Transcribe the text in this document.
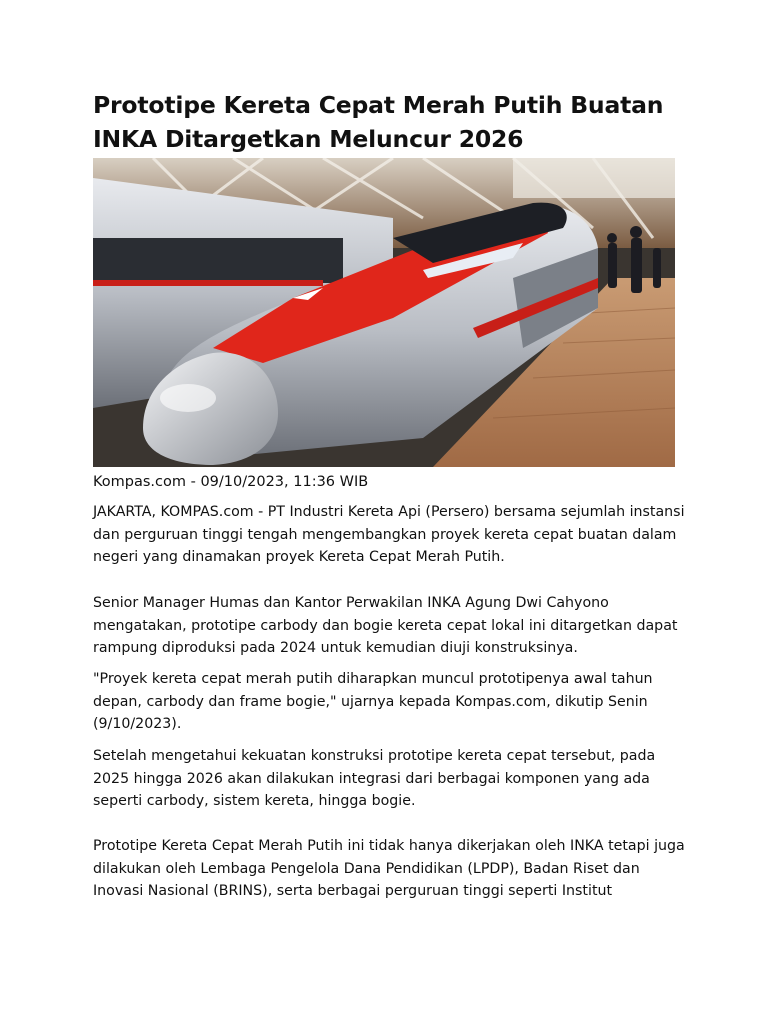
Prototipe Kereta Cepat Merah Putih Buatan INKA Ditargetkan Meluncur 2026

Kompas.com - 09/10/2023, 11:36 WIB

JAKARTA, KOMPAS.com - PT Industri Kereta Api (Persero) bersama sejumlah instansi dan perguruan tinggi tengah mengembangkan proyek kereta cepat buatan dalam negeri yang dinamakan proyek Kereta Cepat Merah Putih.

Senior Manager Humas dan Kantor Perwakilan INKA Agung Dwi Cahyono mengatakan, prototipe carbody dan bogie kereta cepat lokal ini ditargetkan dapat rampung diproduksi pada 2024 untuk kemudian diuji konstruksinya.

"Proyek kereta cepat merah putih diharapkan muncul prototipenya awal tahun depan, carbody dan frame bogie," ujarnya kepada Kompas.com, dikutip Senin (9/10/2023).

Setelah mengetahui kekuatan konstruksi prototipe kereta cepat tersebut, pada 2025 hingga 2026 akan dilakukan integrasi dari berbagai komponen yang ada seperti carbody, sistem kereta, hingga bogie.

Prototipe Kereta Cepat Merah Putih ini tidak hanya dikerjakan oleh INKA tetapi juga dilakukan oleh Lembaga Pengelola Dana Pendidikan (LPDP), Badan Riset dan Inovasi Nasional (BRINS), serta berbagai perguruan tinggi seperti Institut
